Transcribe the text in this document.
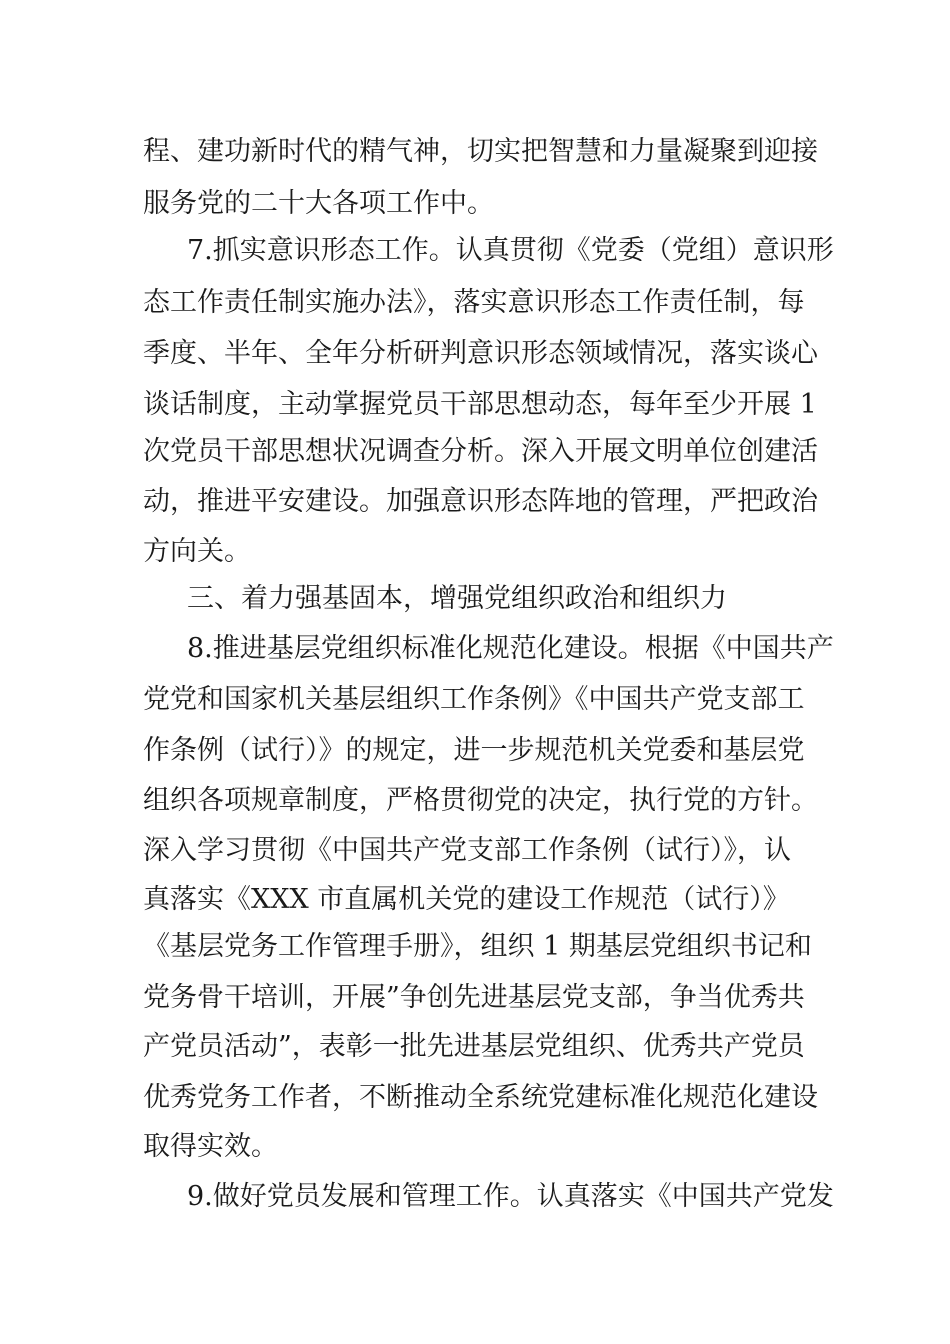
程、建功新时代的精气神，切实把智慧和力量凝聚到迎接

服务党的二十大各项工作中。

7.抓实意识形态工作。认真贯彻《党委（党组）意识形

态工作责任制实施办法》，落实意识形态工作责任制，每

季度、半年、全年分析研判意识形态领域情况，落实谈心

谈话制度，主动掌握党员干部思想动态，每年至少开展 1

次党员干部思想状况调查分析。深入开展文明单位创建活

动，推进平安建设。加强意识形态阵地的管理，严把政治

方向关。

三、着力强基固本，增强党组织政治和组织力

8.推进基层党组织标准化规范化建设。根据《中国共产

党党和国家机关基层组织工作条例》《中国共产党支部工

作条例（试行）》的规定，进一步规范机关党委和基层党

组织各项规章制度，严格贯彻党的决定，执行党的方针。

深入学习贯彻《中国共产党支部工作条例（试行）》，认

真落实《XXX 市直属机关党的建设工作规范（试行）》

《基层党务工作管理手册》，组织 1 期基层党组织书记和

党务骨干培训，开展”争创先进基层党支部，争当优秀共

产党员活动”，表彰一批先进基层党组织、优秀共产党员

优秀党务工作者，不断推动全系统党建标准化规范化建设

取得实效。

9.做好党员发展和管理工作。认真落实《中国共产党发
